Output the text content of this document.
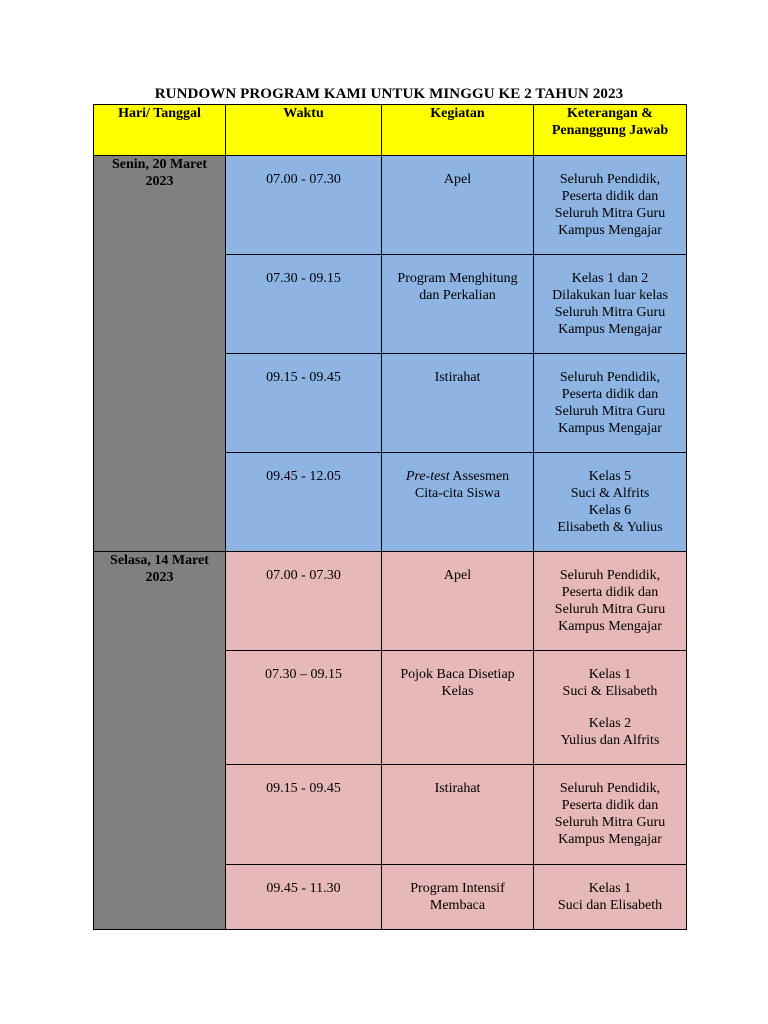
RUNDOWN PROGRAM KAMI UNTUK MINGGU KE 2 TAHUN 2023
Hari/ Tanggal	Waktu	Kegiatan	Keterangan &
Penanggung Jawab

Senin, 20 Maret
2023	07.00 - 07.30	Apel	Seluruh Pendidik,
Peserta didik dan
Seluruh Mitra Guru
Kampus Mengajar

	07.30 - 09.15	Program Menghitung
dan Perkalian	Kelas 1 dan 2
Dilakukan luar kelas
Seluruh Mitra Guru
Kampus Mengajar

	09.15 - 09.45	Istirahat	Seluruh Pendidik,
Peserta didik dan
Seluruh Mitra Guru
Kampus Mengajar

	09.45 - 12.05	Pre-test Assesmen
Cita-cita Siswa	Kelas 5
Suci & Alfrits
Kelas 6
Elisabeth & Yulius

Selasa, 14 Maret
2023	07.00 - 07.30	Apel	Seluruh Pendidik,
Peserta didik dan
Seluruh Mitra Guru
Kampus Mengajar

	07.30 – 09.15	Pojok Baca Disetiap
Kelas	Kelas 1
Suci & Elisabeth
Kelas 2
Yulius dan Alfrits

	09.15 - 09.45	Istirahat	Seluruh Pendidik,
Peserta didik dan
Seluruh Mitra Guru
Kampus Mengajar

	09.45 - 11.30	Program Intensif
Membaca	Kelas 1
Suci dan Elisabeth
